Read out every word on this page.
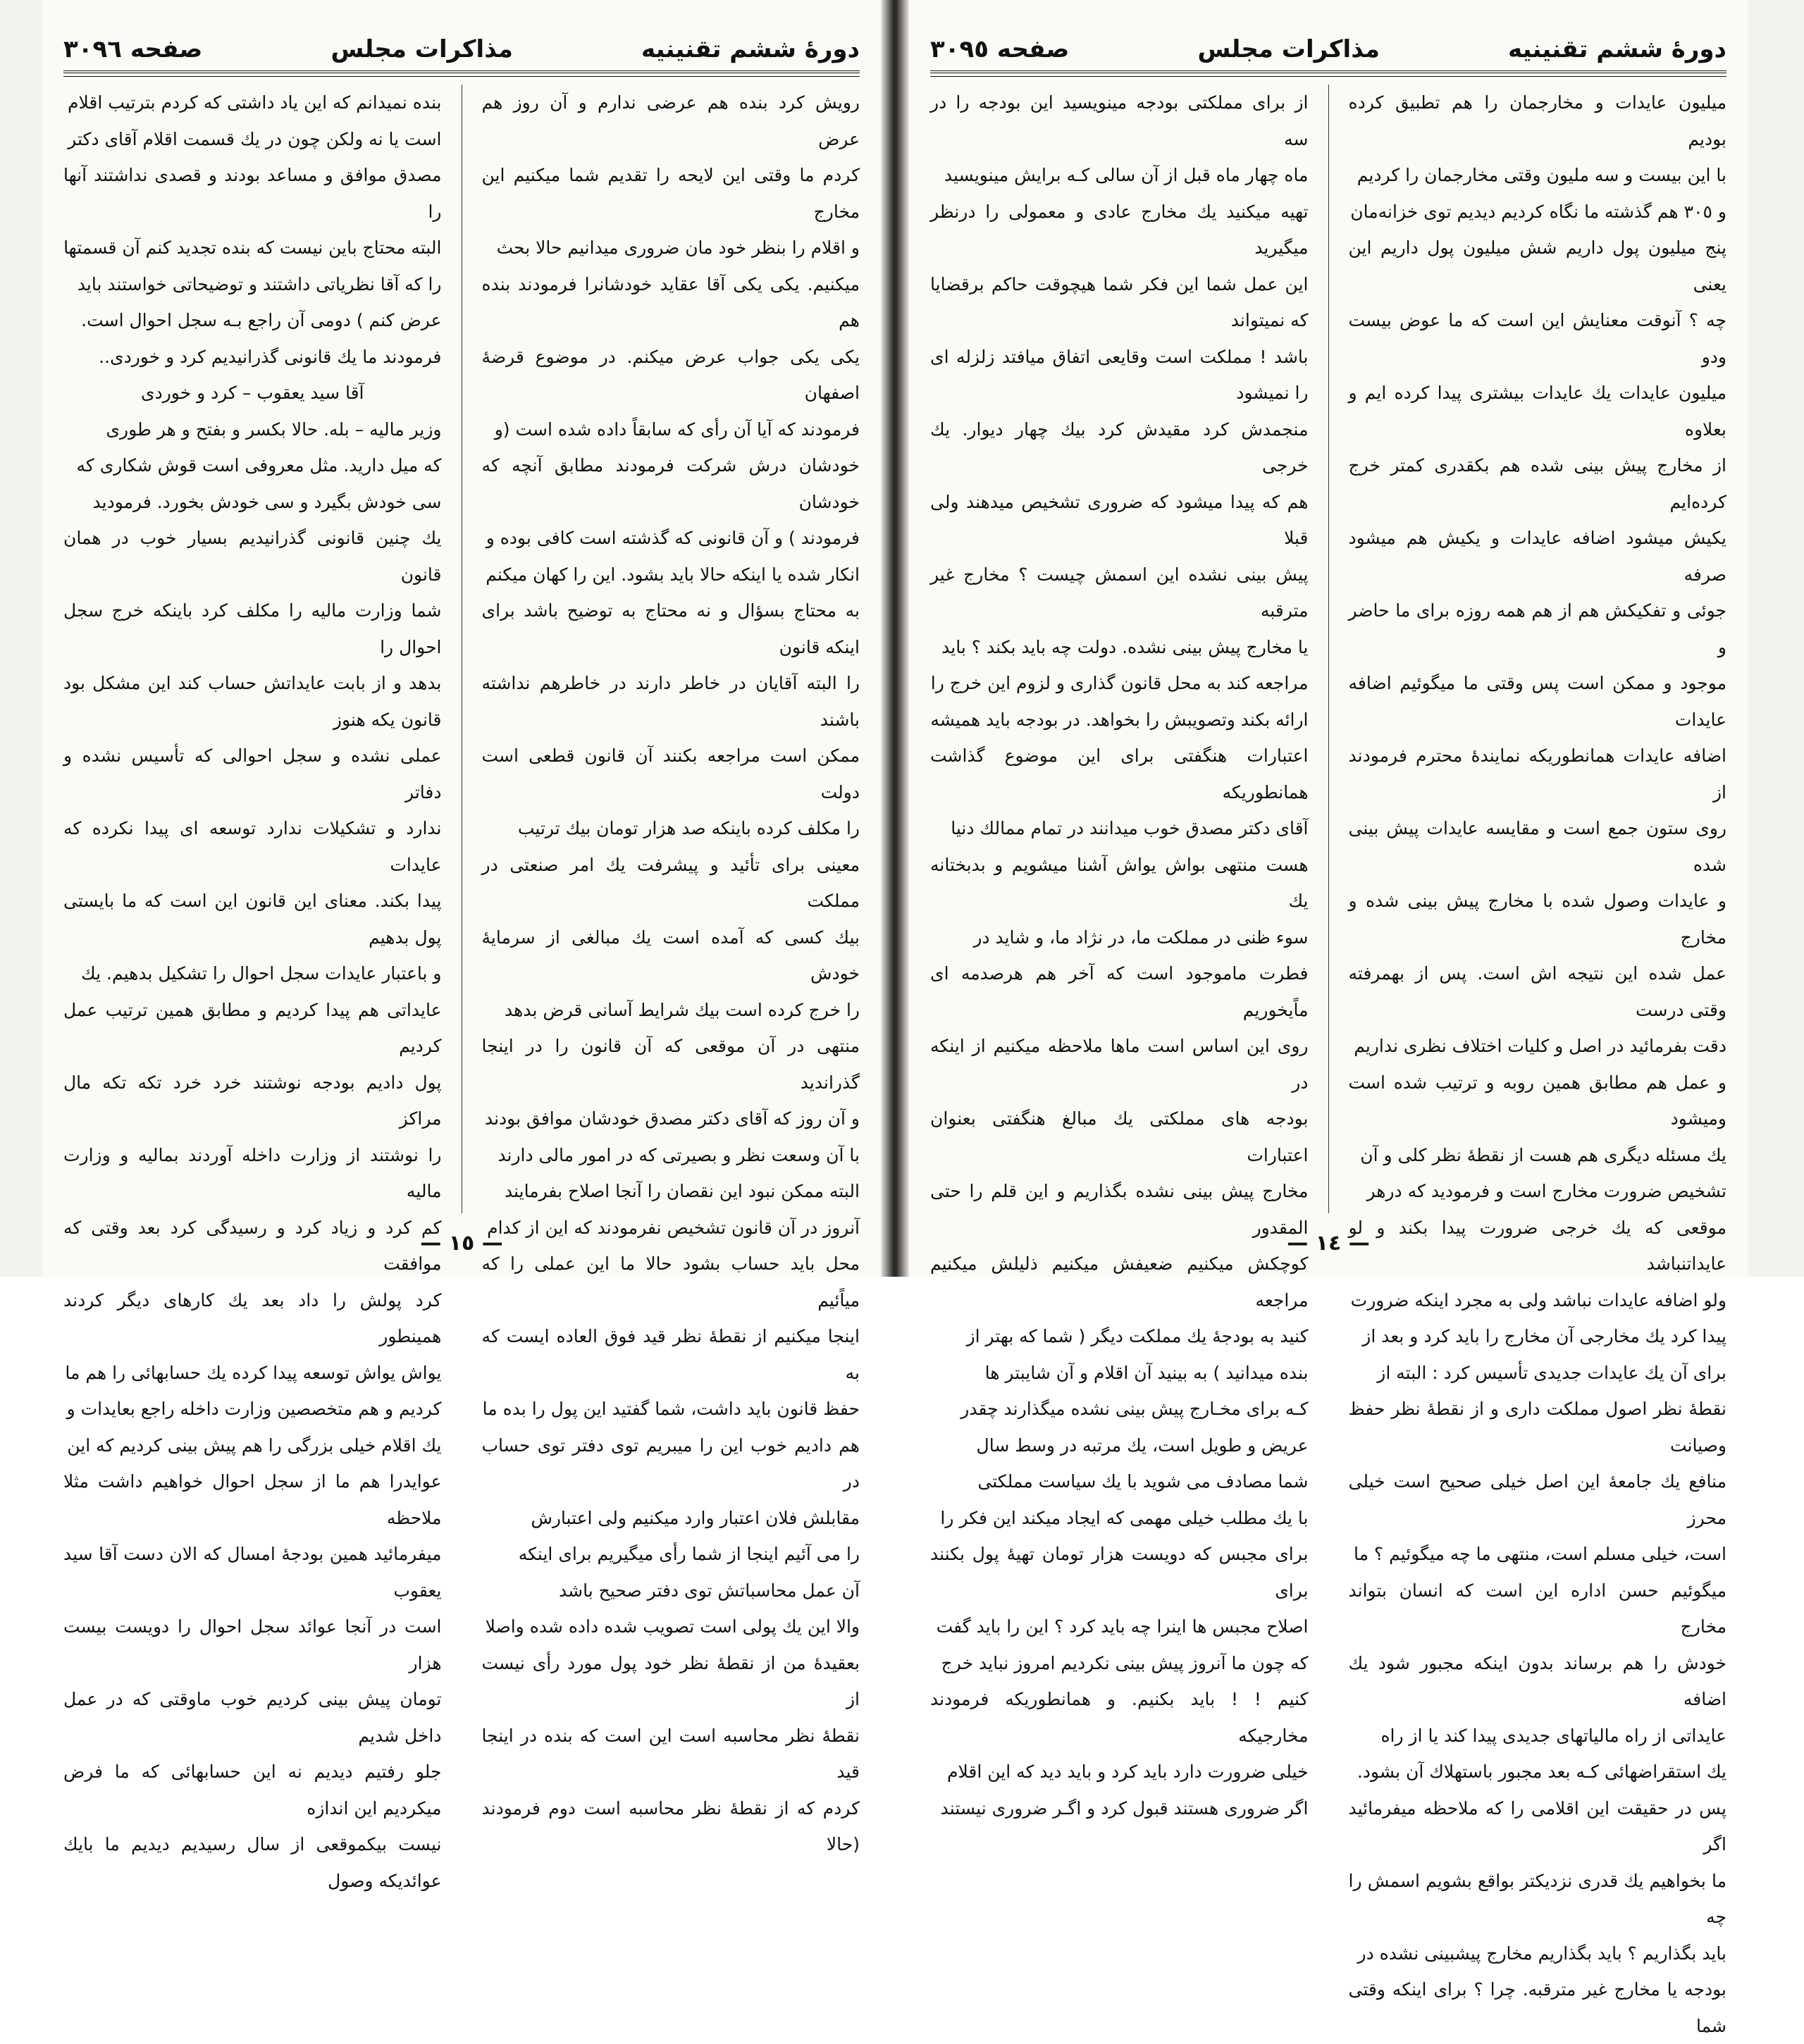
دورۀ ششم تقنینیه
مذاکرات مجلس
صفحه ٣٠٩٦

رویش کرد بنده هم عرضی ندارم و آن روز هم عرض
کردم ما وقتی این لایحه را تقدیم شما میکنیم این مخارج
و اقلام را بنظر خود مان ضروری میدانیم حالا بحث
میکنیم. یکی یکی آقا عقاید خودشانرا فرمودند بنده هم
یکی یکی جواب عرض میکنم. در موضوع قرضهٔ اصفهان
فرمودند که آیا آن رأی که سابقاً داده شده است (و
خودشان درش شرکت فرمودند مطابق آنچه که خودشان
فرمودند ) و آن قانونی که گذشته است کافی بوده و
انکار شده یا اینکه حالا باید بشود. این را کهان میکنم
به محتاج بسؤال و نه محتاج به توضیح باشد برای اینکه قانون
را البته آقایان در خاطر دارند در خاطرهم نداشته باشند
ممکن است مراجعه بکنند آن قانون قطعی است دولت
را مکلف کرده باینکه صد هزار تومان بیك ترتیب
معینی برای تأئید و پیشرفت یك امر صنعتی در مملکت
بیك کسی که آمده است یك مبالغی از سرمایهٔ خودش
را خرج کرده است بیك شرایط آسانی قرض بدهد
منتهی در آن موقعی که آن قانون را در اینجا گذراندید
و آن روز که آقای دکتر مصدق خودشان موافق بودند
با آن وسعت نظر و بصیرتی که در امور مالی دارند
البته ممکن نبود این نقصان را آنجا اصلاح بفرمایند
آنروز در آن قانون تشخیص نفرمودند که این از کدام
محل باید حساب بشود حالا ما این عملی را که میاًئیم
اینجا میکنیم از نقطهٔ نظر قید فوق العاده ایست که به
حفظ قانون باید داشت، شما گفتید این پول را بده ما
هم دادیم خوب این را میبریم توی دفتر توی حساب در
مقابلش فلان اعتبار وارد میکنیم ولی اعتبارش
را می آئیم اینجا از شما رأی میگیریم برای اینکه
آن عمل محاسباتش توی دفتر صحیح باشد
والا این یك پولی است تصویب شده داده شده واصلا
بعقیدهٔ من از نقطهٔ نظر خود پول مورد رأی نیست از
نقطهٔ نظر محاسبه است این است که بنده در اینجا قید
کردم که از نقطهٔ نظر محاسبه است دوم فرمودند (حالا

بنده نمیدانم که این یاد داشتی که کردم بترتیب اقلام
است یا نه ولکن چون در یك قسمت اقلام آقای دکتر
مصدق موافق و مساعد بودند و قصدی نداشتند آنها را
البته محتاج باین نیست که بنده تجدید کنم آن قسمتها
را که آقا نظریاتی داشتند و توضیحاتی خواستند باید
عرض کنم ) دومی آن راجع بـه سجل احوال است.
فرمودند ما یك قانونی گذرانیدیم کرد و خوردی..

آقا سید یعقوب – کرد و خوردی

وزیر مالیه – بله. حالا بکسر و بفتح و هر طوری
که میل دارید. مثل معروفی است قوش شکاری که
سی خودش بگیرد و سی خودش بخورد. فرمودید
یك چنین قانونی گذرانیدیم بسیار خوب در همان قانون
شما وزارت مالیه را مکلف کرد باینکه خرج سجل احوال را
بدهد و از بابت عایداتش حساب کند این مشکل بود قانون یکه هنوز
عملی نشده و سجل احوالی که تأسیس نشده و دفاتر
ندارد و تشکیلات ندارد توسعه ای پیدا نکرده که عایدات
پیدا بکند. معنای این قانون این است که ما بایستی پول بدهیم
و باعتبار عایدات سجل احوال را تشکیل بدهیم. یك
عایداتی هم پیدا کردیم و مطابق همین ترتیب عمل کردیم
پول دادیم بودجه نوشتند خرد خرد تکه تکه مال مراکز
را نوشتند از وزارت داخله آوردند بمالیه و وزارت مالیه
کم کرد و زیاد کرد و رسیدگی کرد بعد وقتی که موافقت
کرد پولش را داد بعد یك کارهای دیگر کردند همینطور
یواش یواش توسعه پیدا کرده یك حسابهائی را هم ما
کردیم و هم متخصصین وزارت داخله راجع بعایدات و
یك اقلام خیلی بزرگی را هم پیش بینی کردیم که این
عوایدرا هم ما از سجل احوال خواهیم داشت مثلا ملاحظه
میفرمائید همین بودجهٔ امسال که الان دست آقا سید یعقوب
است در آنجا عوائد سجل احوال را دویست بیست هزار
تومان پیش بینی کردیم خوب ماوقتی که در عمل داخل شدیم
جلو رفتیم دیدیم نه این حسابهائی که ما فرض میکردیم این اندازه
نیست بیکموقعی از سال رسیدیم دیدیم ما بایك عوائدیکه وصول

— ١٥ —
دورۀ ششم تقنینیه
مذاکرات مجلس
صفحه ٣٠٩٥

میلیون عایدات و مخارجمان را هم تطبیق کرده بودیم
با این بیست و سه ملیون وقتی مخارجمان را کردیم
و ٣٠٥ هم گذشته ما نگاه کردیم دیدیم توی خزانه‌مان
پنج میلیون پول داریم شش میلیون پول داریم این یعنی
چه ؟ آنوقت معنایش این است که ما عوض بیست ودو
میلیون عایدات یك عایدات بیشتری پیدا کرده ایم و بعلاوه
از مخارج پیش بینی شده هم بکقدری کمتر خرج کرده‌ایم
یکیش میشود اضافه عایدات و یکیش هم میشود صرفه
جوئی و تفکیکش هم از هم همه روزه برای ما حاضر و
موجود و ممکن است پس وقتی ما میگوئیم اضافه عایدات
اضافه عایدات همانطوریکه نمایندهٔ محترم فرمودند از
روی ستون جمع است و مقایسه عایدات پیش بینی شده
و عایدات وصول شده با مخارج پیش بینی شده و مخارج
عمل شده این نتیجه اش است. پس از بهمرفته وقتی درست
دقت بفرمائید در اصل و کلیات اختلاف نظری نداریم
و عمل هم مطابق همین روبه و ترتیب شده است ومیشود
یك مسئله دیگری هم هست از نقطهٔ نظر کلی و آن
تشخیص ضرورت مخارج است و فرمودید که درهر
موقعی که یك خرجی ضرورت پیدا بکند و لو عایداتنباشد
ولو اضافه عایدات نباشد ولی به مجرد اینکه ضرورت
پیدا کرد یك مخارجی آن مخارج را باید کرد و بعد از
برای آن یك عایدات جدیدی تأسیس کرد : البته از
نقطهٔ نظر اصول مملکت داری و از نقطهٔ نظر حفظ وصیانت
منافع یك جامعهٔ این اصل خیلی صحیح است خیلی محرز
است، خیلی مسلم است، منتهی ما چه میگوئیم ؟ ما
میگوئیم حسن اداره این است که انسان بتواند مخارج
خودش را هم برساند بدون اینکه مجبور شود یك اضافه
عایداتی از راه مالیاتهای جدیدی پیدا کند یا از راه
یك استقراضهائی کـه بعد مجبور باستهلاك آن بشود.
پس در حقیقت این اقلامی را که ملاحظه میفرمائید اگر
ما بخواهیم یك قدری نزدیکتر بواقع بشویم اسمش را چه
باید بگذاریم ؟ باید بگذاریم مخارج پیشبینی نشده در
بودجه یا مخارج غیر مترقبه. چرا ؟ برای اینکه وقتی شما

از برای مملکتی بودجه مینویسید این بودجه را در سه
ماه چهار ماه قبل از آن سالی کـه برایش مینویسید
تهیه میکنید یك مخارج عادی و معمولی را درنظر میگیرید
این عمل شما این فکر شما هیچوقت حاکم برقضایا که نمیتواند
باشد ! مملکت است وقایعی اتفاق میافتد زلزله ای را نمیشود
منجمدش کرد مقیدش کرد بیك چهار دیوار. یك خرجی
هم که پیدا میشود که ضروری تشخیص میدهند ولی قبلا
پیش بینی نشده این اسمش چیست ؟ مخارج غیر مترقبه
یا مخارج پیش بینی نشده. دولت چه باید بکند ؟ باید
مراجعه کند به محل قانون گذاری و لزوم این خرج را
ارائه بکند وتصویبش را بخواهد. در بودجه باید همیشه
اعتبارات هنگفتی برای این موضوع گذاشت همانطوریکه
آقای دکتر مصدق خوب میدانند در تمام ممالك دنیا
هست منتهی بواش یواش آشنا میشویم و بدبختانه یك
سوء ظنی در مملکت ما، در نژاد ما، و شاید در
فطرت ماموجود است که آخر هم هرصدمه ای ماًیخوریم
روی این اساس است ماها ملاحظه میکنیم از اینکه در
بودجه های مملکتی یك مبالغ هنگفتی بعنوان اعتبارات
مخارج پیش بینی نشده بگذاریم و این قلم را حتی المقدور
کوچکش میکنیم ضعیفش میکنیم ذلیلش میکنیم مراجعه
کنید به بودجهٔ یك مملکت دیگر ( شما که بهتر از
بنده میدانید ) به بینید آن اقلام و آن شایبتر ها
کـه برای مخـارج پیش بینی نشده میگذارند چقدر
عریض و طویل است، یك مرتبه در وسط سال
شما مصادف می شوید با یك سیاست مملکتی
با یك مطلب خیلی مهمی که ایجاد میکند این فکر را
برای مجبس که دویست هزار تومان تهیهٔ پول بکنند برای
اصلاح مجبس ها اینرا چه باید کرد ؟ این را باید گفت
که چون ما آنروز پیش بینی نکردیم امروز نباید خرج
کنیم ! ! باید بکنیم. و همانطوریکه فرمودند مخارجیکه
خیلی ضرورت دارد باید کرد و باید دید که این اقلام
اگر ضروری هستند قبول کرد و اگـر ضروری نیستند

— ١٤ —
